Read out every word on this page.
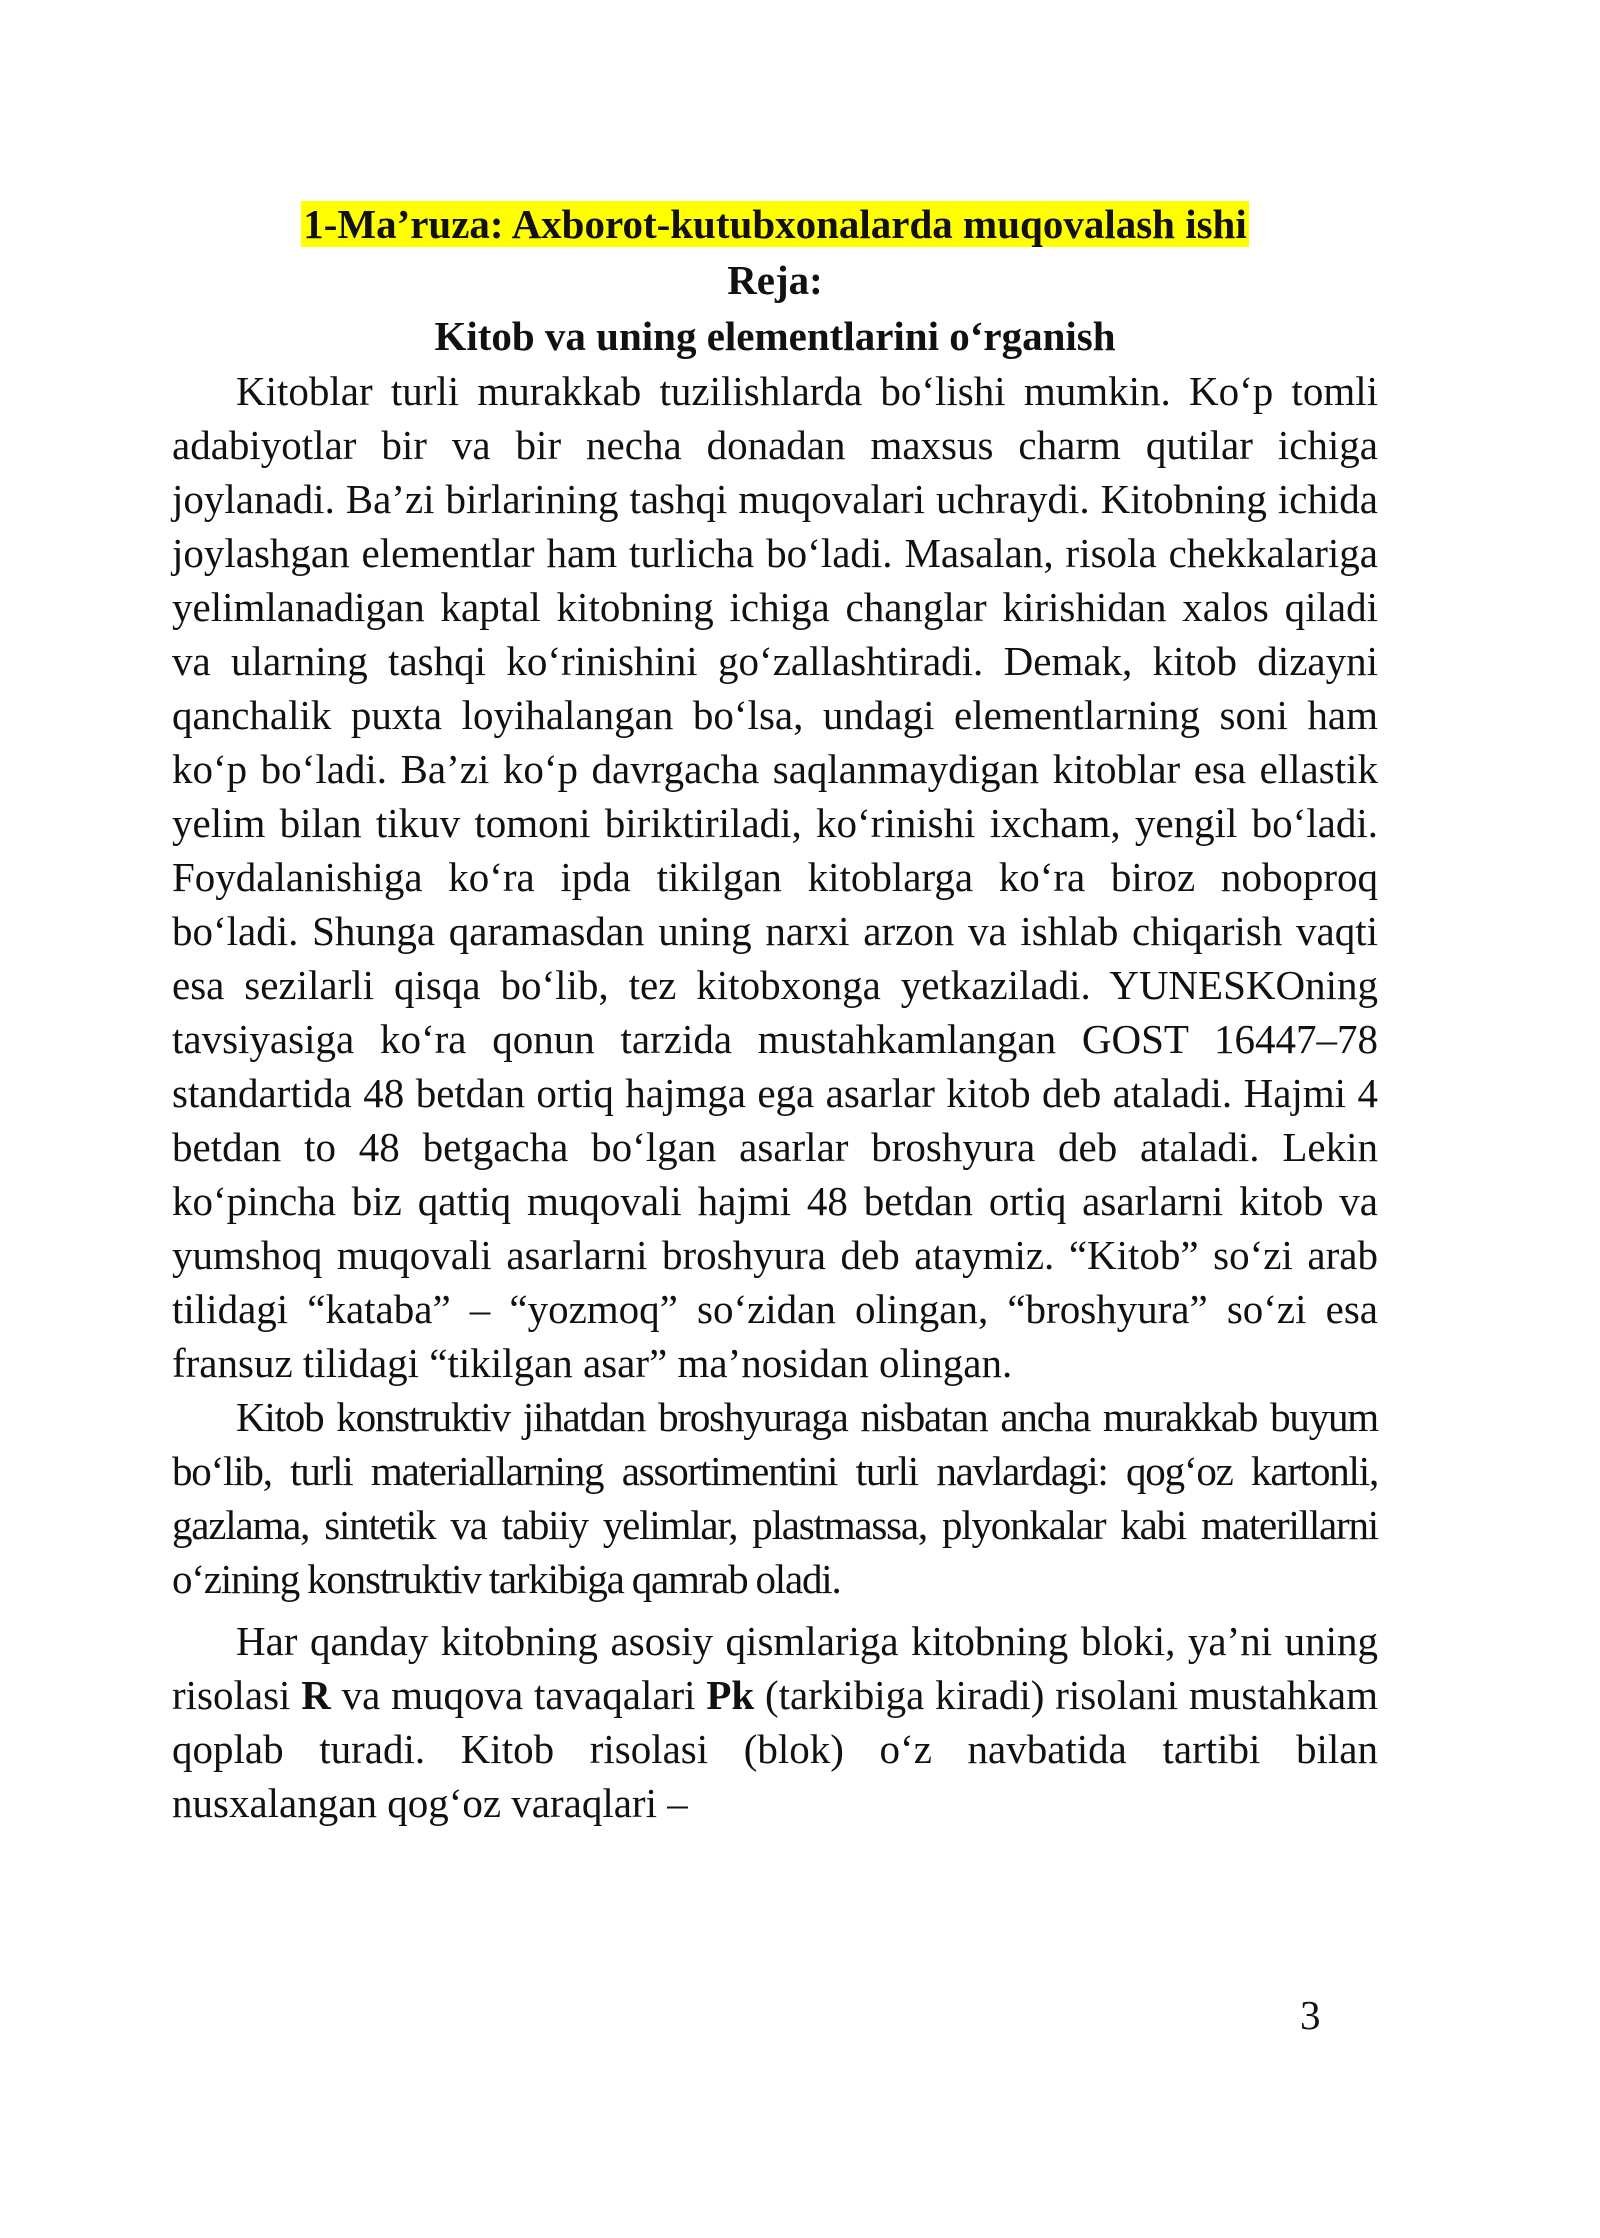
1-Ma’ruza: Axborot-kutubxonalarda muqovalash ishi

Reja:

Kitob va uning elementlarini o‘rganish

Kitoblar turli murakkab tuzilishlarda bo‘lishi mumkin. Ko‘p tomli adabiyotlar bir va bir necha donadan maxsus charm qutilar ichiga joylanadi. Ba’zi birlarining tashqi muqovalari uchraydi. Kitobning ichida joylashgan elementlar ham turlicha bo‘ladi. Masalan, risola chekkalariga yelimlanadigan kaptal kitobning ichiga changlar kirishidan xalos qiladi va ularning tashqi ko‘rinishini go‘zallashtiradi. Demak, kitob dizayni qanchalik puxta loyihalangan bo‘lsa, undagi elementlarning soni ham ko‘p bo‘ladi. Ba’zi ko‘p davrgacha saqlanmaydigan kitoblar esa ellastik yelim bilan tikuv tomoni biriktiriladi, ko‘rinishi ixcham, yengil bo‘ladi. Foydalanishiga ko‘ra ipda tikilgan kitoblarga ko‘ra biroz noboproq bo‘ladi. Shunga qaramasdan uning narxi arzon va ishlab chiqarish vaqti esa sezilarli qisqa bo‘lib, tez kitobxonga yetkaziladi. YUNESKOning tavsiyasiga ko‘ra qonun tarzida mustahkamlangan GOST 16447–78 standartida 48 betdan ortiq hajmga ega asarlar kitob deb ataladi. Hajmi 4 betdan to 48 betgacha bo‘lgan asarlar broshyura deb ataladi. Lekin ko‘pincha biz qattiq muqovali hajmi 48 betdan ortiq asarlarni kitob va yumshoq muqovali asarlarni broshyura deb ataymiz. “Kitob” so‘zi arab tilidagi “kataba” – “yozmoq” so‘zidan olingan, “broshyura” so‘zi esa fransuz tilidagi “tikilgan asar” ma’nosidan olingan.

Kitob konstruktiv jihatdan broshyuraga nisbatan ancha murakkab buyum bo‘lib, turli materiallarning assortimentini turli navlardagi: qog‘oz kartonli, gazlama, sintetik va tabiiy yelimlar, plastmassa, plyonkalar kabi materillarni o‘zining konstruktiv tarkibiga qamrab oladi.

Har qanday kitobning asosiy qismlariga kitobning bloki, ya’ni uning risolasi R va muqova tavaqalari Pk (tarkibiga kiradi) risolani mustahkam qoplab turadi. Kitob risolasi (blok) o‘z navbatida tartibi bilan nusxalangan qog‘oz varaqlari –

3
